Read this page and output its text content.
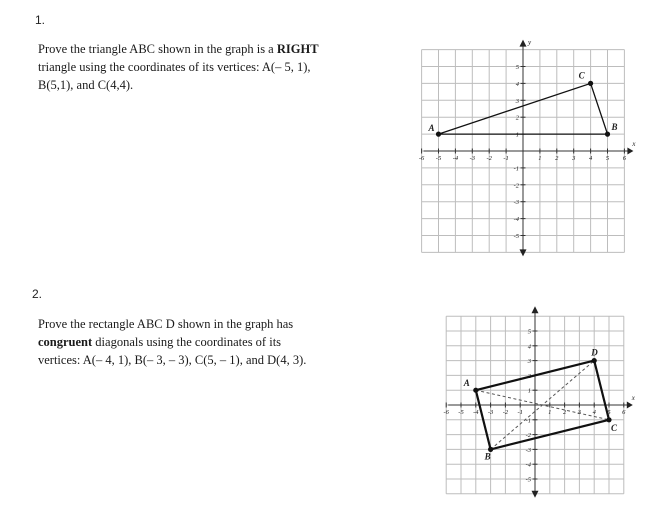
1.
Prove the triangle ABC shown in the graph is a RIGHT
triangle using the coordinates of its vertices: A(– 5, 1),
B(5,1), and C(4,4).
-6 -5 -4 -3 -2 -1	1 2 3 4 5 6
-5
-4
-3
-2
-1
1
2
3
4
5
x
y
A	B
C
2.
Prove the rectangle ABC D shown in the graph has
congruent diagonals using the coordinates of its
vertices: A(– 4, 1), B(– 3, – 3), C(5, – 1), and D(4, 3).
-6 -5 -4 -3 -2 -1	1 2 3 4 5 6
-5
-4
-3
-2
-1
1
2
3
4
5
x
A
B
C
D
